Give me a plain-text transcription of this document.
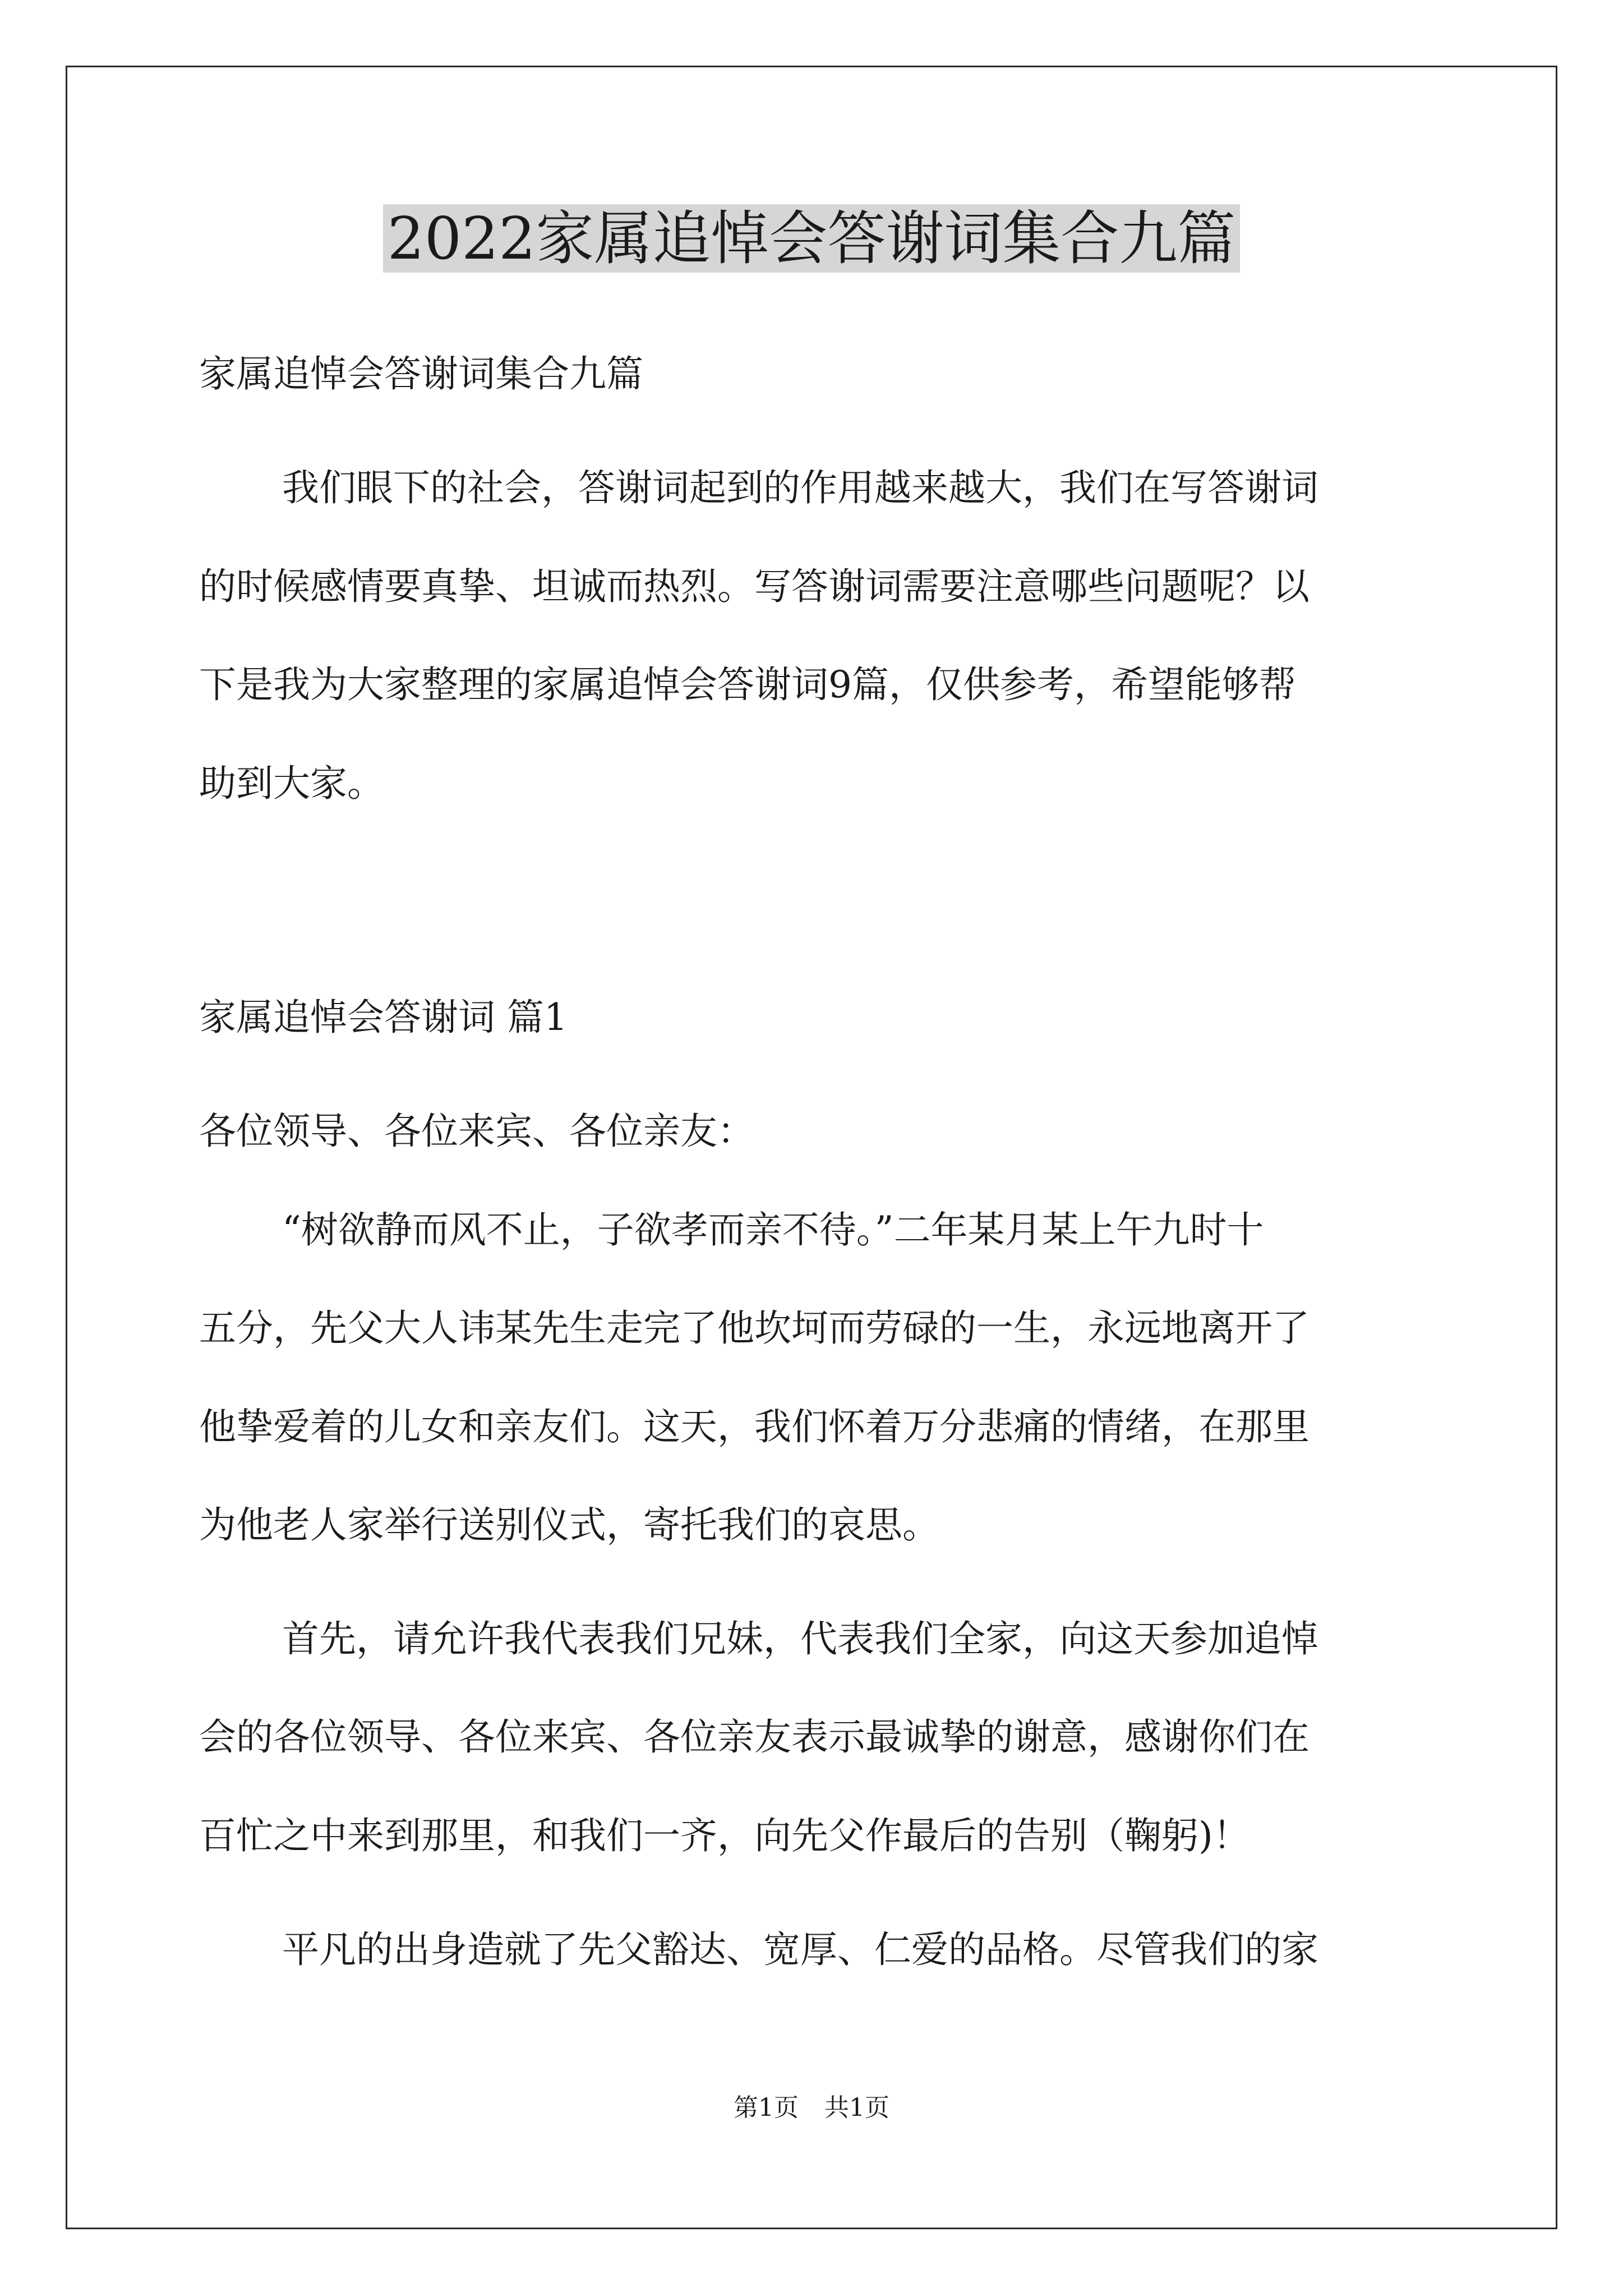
2022家属追悼会答谢词集合九篇
家属追悼会答谢词集合九篇
我们眼下的社会，答谢词起到的作用越来越大，我们在写答谢词
的时候感情要真挚、坦诚而热烈。写答谢词需要注意哪些问题呢？以
下是我为大家整理的家属追悼会答谢词9篇，仅供参考，希望能够帮
助到大家。
家属追悼会答谢词 篇1
各位领导、各位来宾、各位亲友：
“树欲静而风不止，子欲孝而亲不待。”二年某月某上午九时十
五分，先父大人讳某先生走完了他坎坷而劳碌的一生，永远地离开了
他挚爱着的儿女和亲友们。这天，我们怀着万分悲痛的情绪，在那里
为他老人家举行送别仪式，寄托我们的哀思。
首先，请允许我代表我们兄妹，代表我们全家，向这天参加追悼
会的各位领导、各位来宾、各位亲友表示最诚挚的谢意，感谢你们在
百忙之中来到那里，和我们一齐，向先父作最后的告别（鞠躬)！
平凡的出身造就了先父豁达、宽厚、仁爱的品格。尽管我们的家
第1页 共1页
